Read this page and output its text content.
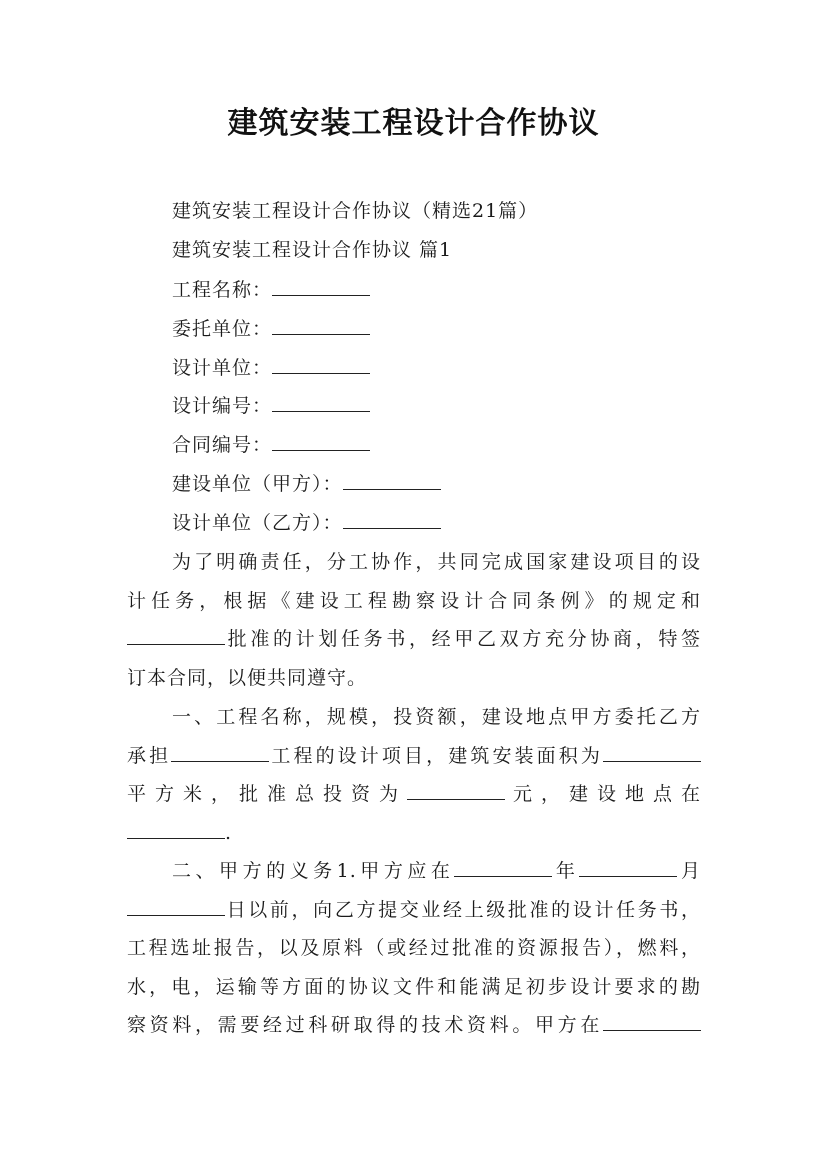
建筑安装工程设计合作协议
建筑安装工程设计合作协议（精选21篇）
建筑安装工程设计合作协议 篇1
工程名称：
委托单位：
设计单位：
设计编号：
合同编号：
建设单位（甲方）：
设计单位（乙方）：
为了明确责任，分工协作，共同完成国家建设项目的设
计任务，根据《建设工程勘察设计合同条例》的规定和
批准的计划任务书，经甲乙双方充分协商，特签
订本合同，以便共同遵守。
一、工程名称，规模，投资额，建设地点甲方委托乙方
承担	工程的设计项目，建筑安装面积为
平方米，批准总投资为	元，建设地点在
.
二、甲方的义务1.甲方应在	年	月
日以前，向乙方提交业经上级批准的设计任务书，
工程选址报告，以及原料（或经过批准的资源报告），燃料，
水，电，运输等方面的协议文件和能满足初步设计要求的勘
察资料，需要经过科研取得的技术资料。甲方在
